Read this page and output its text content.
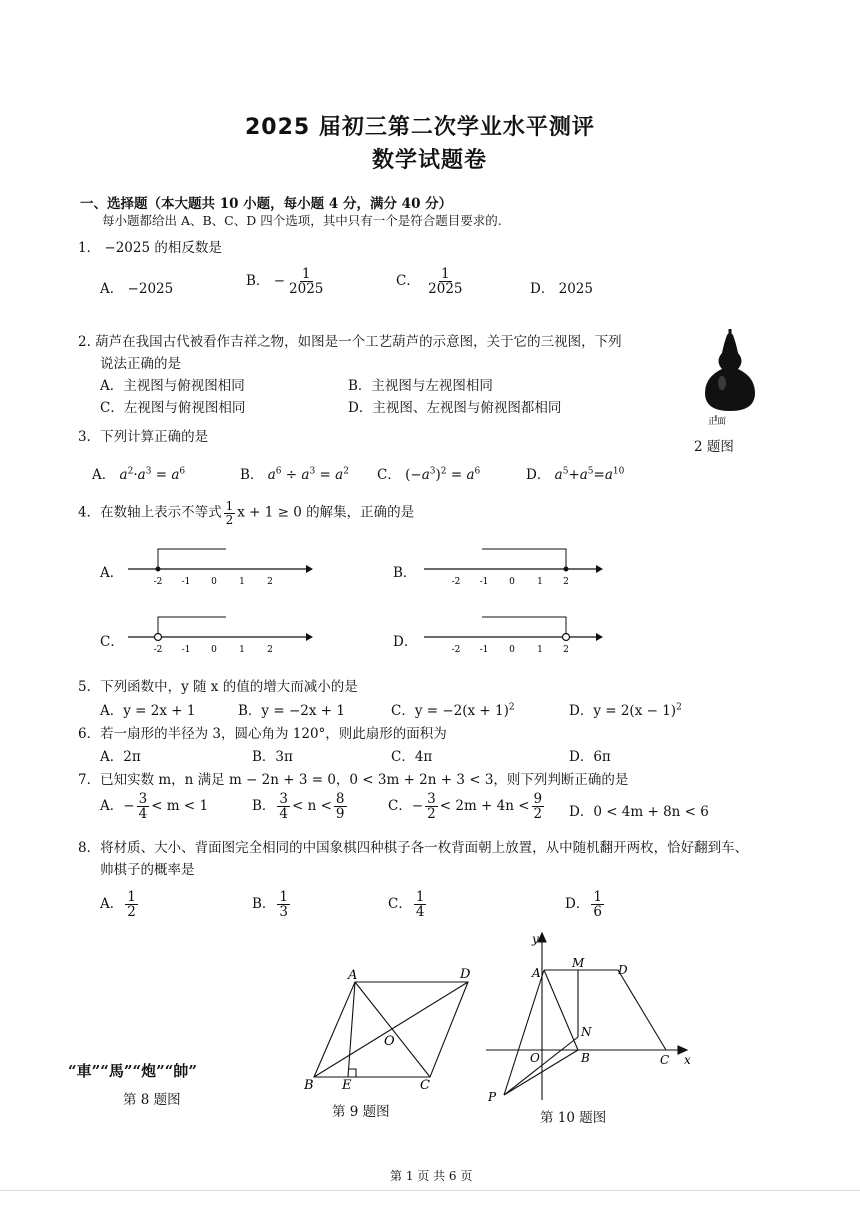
2025 届初三第二次学业水平测评
数学试题卷
一、选择题（本大题共 10 小题，每小题 4 分，满分 40 分）
每小题都给出 A、B、C、D 四个选项，其中只有一个是符合题目要求的.
1． −2025 的相反数是
A． −2025	B． − $\frac{1}{2025}$	C． $\frac{1}{2025}$	D． 2025
2. 葫芦在我国古代被看作吉祥之物，如图是一个工艺葫芦的示意图，关于它的三视图，下列
说法正确的是
A．主视图与俯视图相同	B．主视图与左视图相同
C．左视图与俯视图相同	D．主视图、左视图与俯视图都相同
正面
2 题图
3．下列计算正确的是
A． $a^2\cdot a^3 = a^6$	B． $a^6 \div a^3 = a^2$ C． $(-a^3)^2 = a^6$	D． $a^5+a^5=a^{10}$
4．在数轴上表示不等式 $\frac{1}{2}$ x + 1 ≥ 0 的解集，正确的是
A．
-2 -1 0 1 2
B．
-2 -1 0 1 2
C．	-2 -1 0 1 2	D．	-2 -1 0 1 2
5．下列函数中，y 随 x 的值的增大而减小的是
A．y = 2x + 1	B．y = −2x + 1	C．$y = -2(x + 1)^2$	D．$y = 2(x - 1)^2$
6．若一扇形的半径为 3，圆心角为 120°，则此扇形的面积为
A．2π	B．3π	C．4π	D．6π
7．已知实数 m，n 满足 m − 2n + 3 = 0，0 < 3m + 2n + 3 < 3，则下列判断正确的是
A．− $\frac{3}{4} < m < 1$	B． $\frac{3}{4} < n < \frac{8}{9}$	C．− $\frac{3}{2} < 2m + 4n < \frac{9}{2}$ D．0 < 4m + 8n < 6
8．将材质、大小、背面图完全相同的中国象棋四种棋子各一枚背面朝上放置，从中随机翻开两枚，恰好翻到车、
帅棋子的概率是
A． $\frac{1}{2}$	B． $\frac{1}{3}$	C． $\frac{1}{4}$	D． $\frac{1}{6}$
“車”“馬”“炮”“帥”
第 8 题图
A	D
O
B E	C
第 9 题图
y
A
M	D
N
O	B	C x
P
第 10 题图
第 1 页 共 6 页
